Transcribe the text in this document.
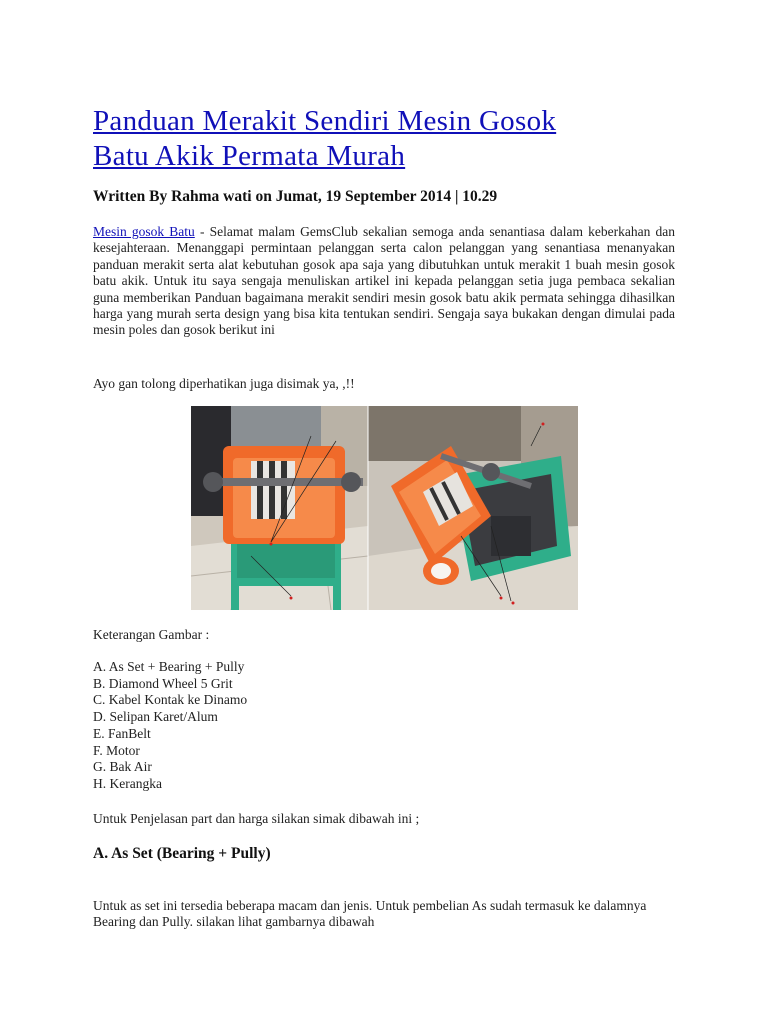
Panduan Merakit Sendiri Mesin Gosok
Batu Akik Permata Murah

Written By Rahma wati on Jumat, 19 September 2014 | 10.29

Mesin gosok Batu - Selamat malam GemsClub sekalian semoga anda senantiasa dalam keberkahan dan kesejahteraan. Menanggapi permintaan pelanggan serta calon pelanggan yang senantiasa menanyakan panduan merakit serta alat kebutuhan gosok apa saja yang dibutuhkan untuk merakit 1 buah mesin gosok batu akik. Untuk itu saya sengaja menuliskan artikel ini kepada pelanggan setia juga pembaca sekalian guna memberikan Panduan bagaimana merakit sendiri mesin gosok batu akik permata sehingga dihasilkan harga yang murah serta design yang bisa kita tentukan sendiri. Sengaja saya bukakan dengan dimulai pada mesin poles dan gosok berikut ini

Ayo gan tolong diperhatikan juga disimak ya, ,!!

Keterangan Gambar :

A. As Set + Bearing + Pully
B. Diamond Wheel 5 Grit
C. Kabel Kontak ke Dinamo
D. Selipan Karet/Alum
E. FanBelt
F. Motor
G. Bak Air
H. Kerangka

Untuk Penjelasan part dan harga silakan simak dibawah ini ;

A. As Set (Bearing + Pully)

Untuk as set ini tersedia beberapa macam dan jenis. Untuk pembelian As sudah termasuk ke dalamnya Bearing dan Pully. silakan lihat gambarnya dibawah
